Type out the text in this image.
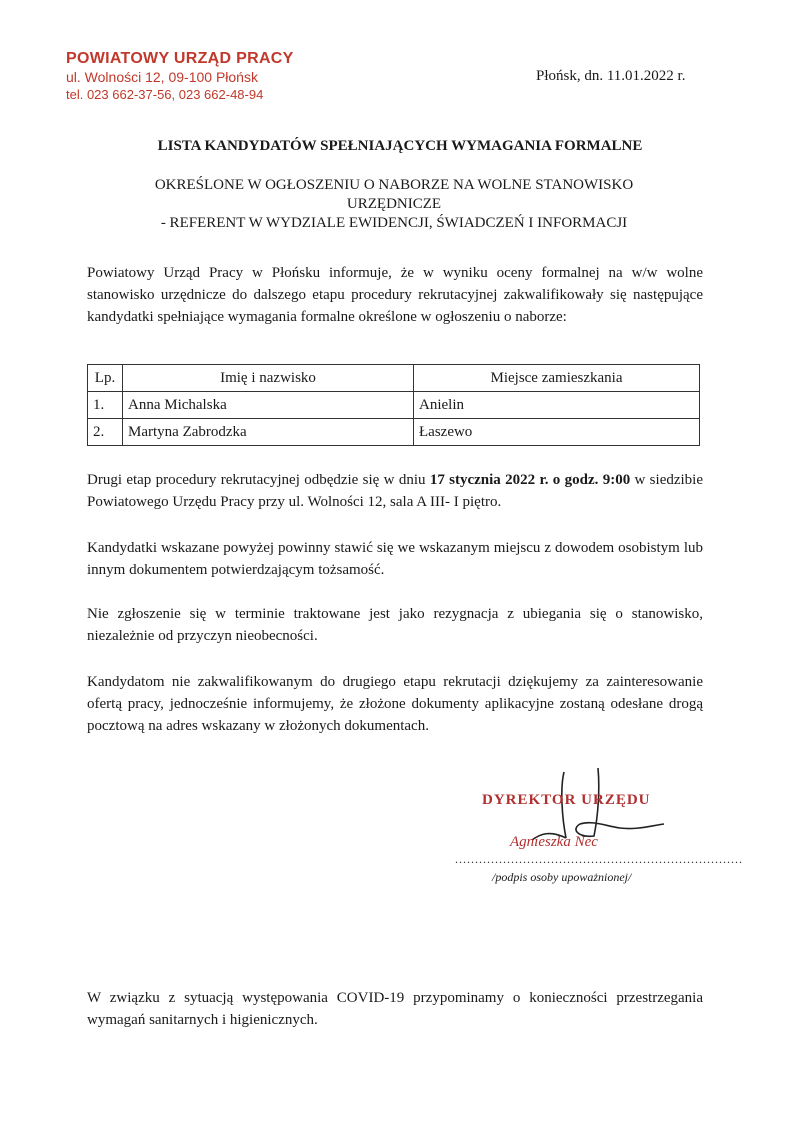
POWIATOWY URZĄD PRACY
ul. Wolności 12, 09-100 Płońsk
tel. 023 662-37-56, 023 662-48-94
Płońsk, dn. 11.01.2022 r.
LISTA KANDYDATÓW SPEŁNIAJĄCYCH WYMAGANIA FORMALNE
OKREŚLONE W OGŁOSZENIU O NABORZE NA WOLNE STANOWISKO
URZĘDNICZE
- REFERENT W WYDZIALE EWIDENCJI, ŚWIADCZEŃ I INFORMACJI
Powiatowy Urząd Pracy w Płońsku informuje, że w wyniku oceny formalnej na w/w wolne stanowisko urzędnicze do dalszego etapu procedury rekrutacyjnej zakwalifikowały się następujące kandydatki spełniające wymagania formalne określone w ogłoszeniu o naborze:
Lp.	Imię i nazwisko	Miejsce zamieszkania
1.	Anna Michalska	Anielin
2.	Martyna Zabrodzka	Łaszewo
Drugi etap procedury rekrutacyjnej odbędzie się w dniu 17 stycznia 2022 r. o godz. 9:00 w siedzibie Powiatowego Urzędu Pracy przy ul. Wolności 12, sala A III- I piętro.
Kandydatki wskazane powyżej powinny stawić się we wskazanym miejscu z dowodem osobistym lub innym dokumentem potwierdzającym tożsamość.
Nie zgłoszenie się w terminie traktowane jest jako rezygnacja z ubiegania się o stanowisko, niezależnie od przyczyn nieobecności.
Kandydatom nie zakwalifikowanym do drugiego etapu rekrutacji dziękujemy za zainteresowanie ofertą pracy, jednocześnie informujemy, że złożone dokumenty aplikacyjne zostaną odesłane drogą pocztową na adres wskazany w złożonych dokumentach.
DYREKTOR URZĘDU
Agnieszka Nec
........................................................................
/podpis osoby upoważnionej/
W związku z sytuacją występowania COVID-19 przypominamy o konieczności przestrzegania wymagań sanitarnych i higienicznych.
